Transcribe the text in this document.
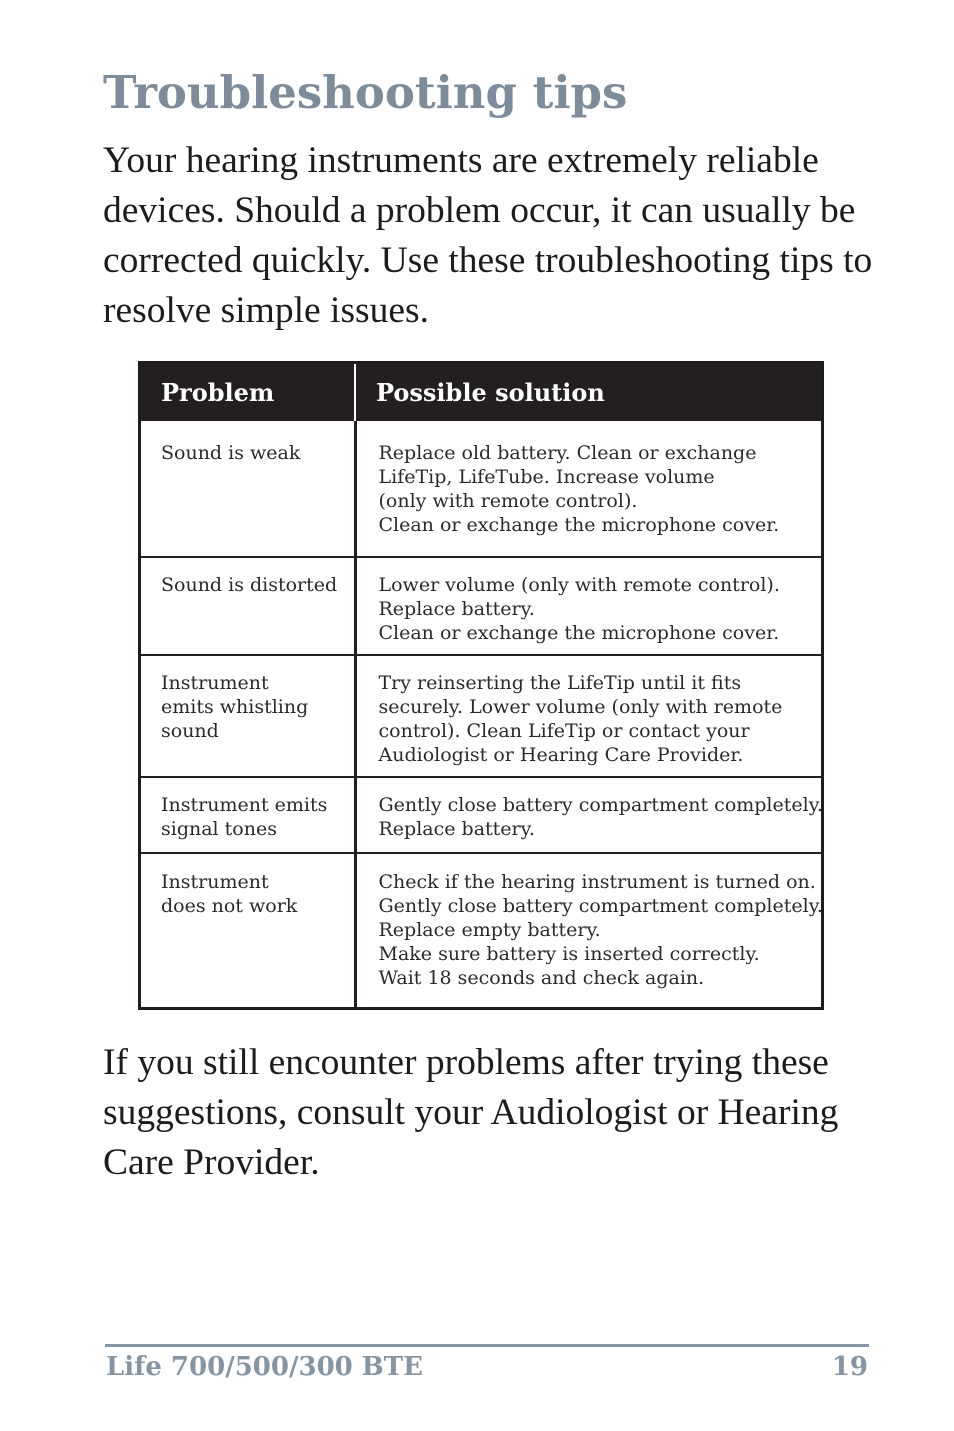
Troubleshooting tips

Your hearing instruments are extremely reliable devices. Should a problem occur, it can usually be corrected quickly. Use these troubleshooting tips to resolve simple issues.

Problem	Possible solution

Sound is weak	Replace old battery. Clean or exchange
LifeTip, LifeTube. Increase volume
(only with remote control).
Clean or exchange the microphone cover.

Sound is distorted	Lower volume (only with remote control).
Replace battery.
Clean or exchange the microphone cover.

Instrument
emits whistling
sound	Try reinserting the LifeTip until it fits
securely. Lower volume (only with remote
control). Clean LifeTip or contact your
Audiologist or Hearing Care Provider.

Instrument emits
signal tones	Gently close battery compartment completely.
Replace battery.

Instrument
does not work	Check if the hearing instrument is turned on.
Gently close battery compartment completely.
Replace empty battery.
Make sure battery is inserted correctly.
Wait 18 seconds and check again.

If you still encounter problems after trying these suggestions, consult your Audiologist or Hearing Care Provider.

Life 700/500/300 BTE	19
